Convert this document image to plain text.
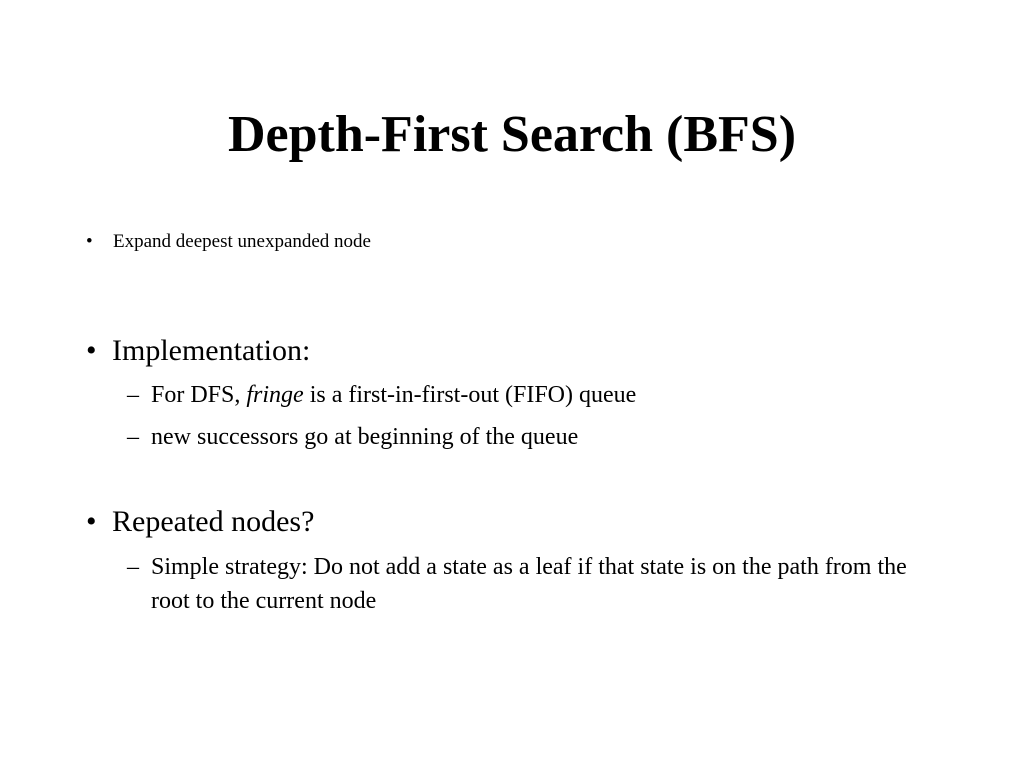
Depth-First Search (BFS)
•	Expand deepest unexpanded node
• Implementation:
– For DFS, fringe is a first-in-first-out (FIFO) queue
– new successors go at beginning of the queue
• Repeated nodes?
– Simple strategy: Do not add a state as a leaf if that state is on the path from the root to the current node
